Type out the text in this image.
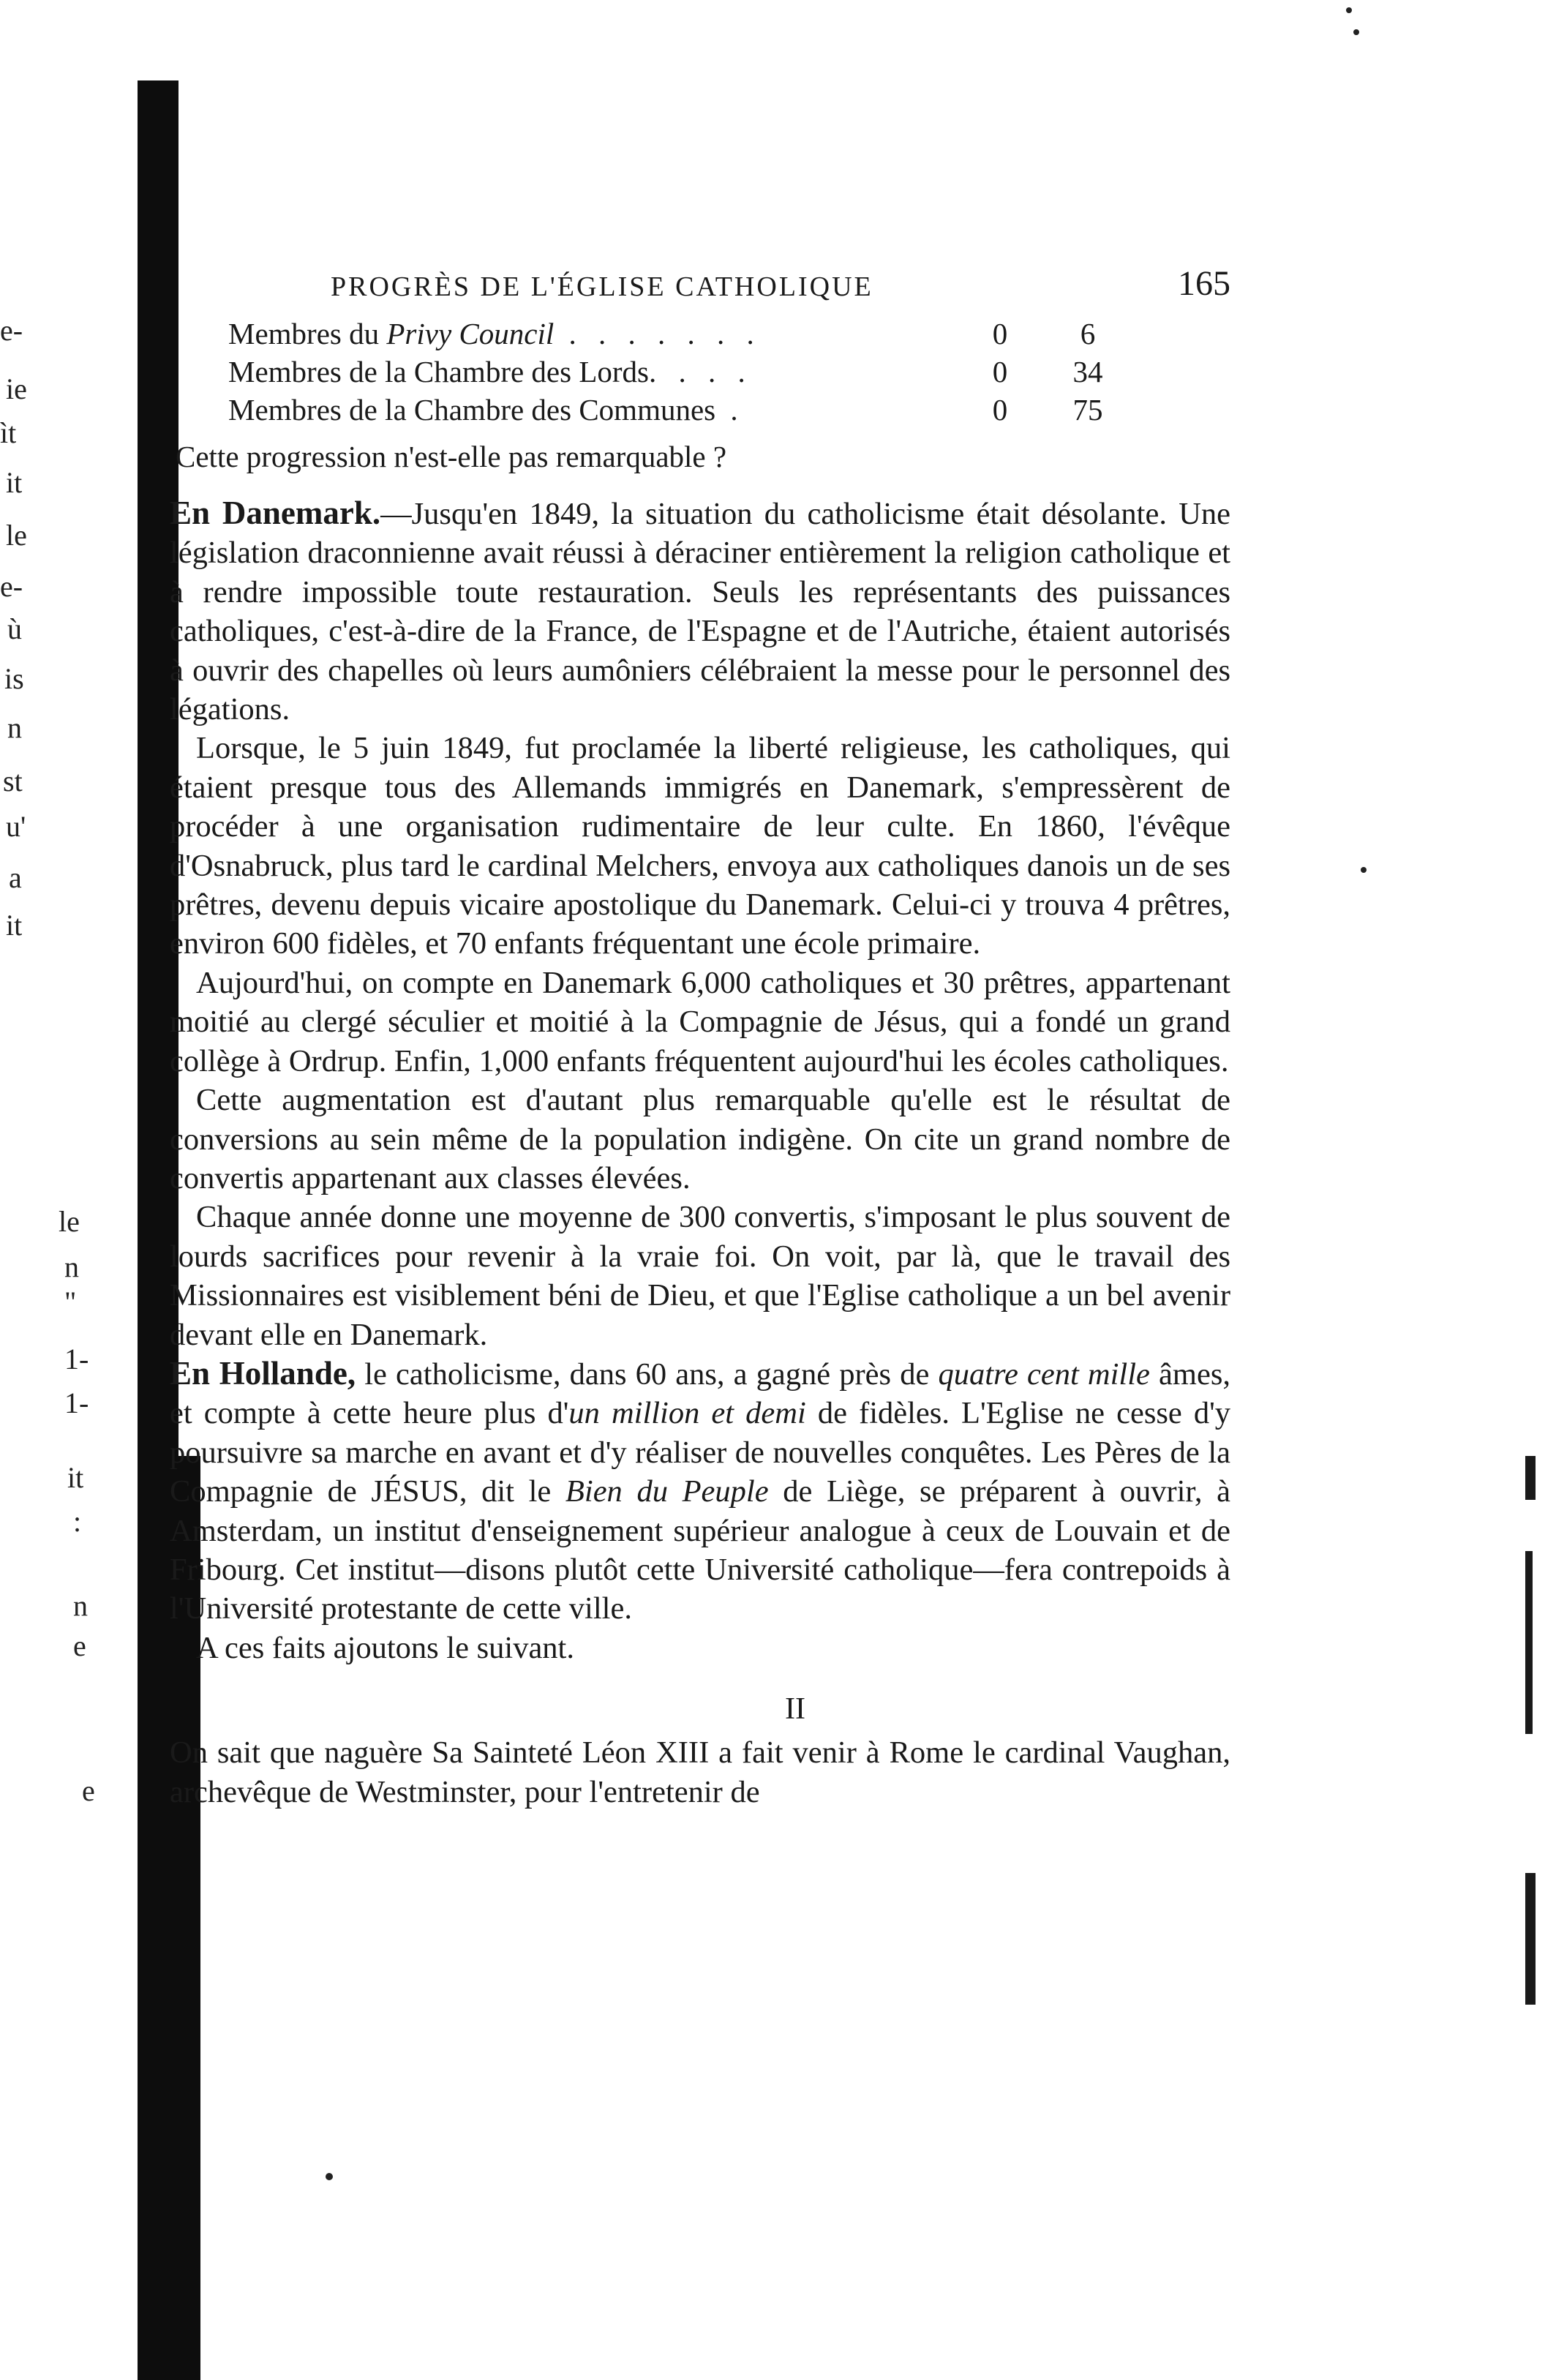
e-
ie
ìt
it
le
e-
ù
is
n
st
u'
a
it
le
n
"
1-
1-
it
:
n
e
e
PROGRÈS DE L'ÉGLISE CATHOLIQUE	165
Membres du Privy Council . . . . . . .	0	6
Membres de la Chambre des Lords. . . .	0	34
Membres de la Chambre des Communes .	0	75

Cette progression n'est-elle pas remarquable ?

En Danemark.—Jusqu'en 1849, la situation du catholicisme était désolante. Une législation draconnienne avait réussi à déraciner entièrement la religion catholique et à rendre impossible toute restauration. Seuls les représentants des puissances catholiques, c'est-à-dire de la France, de l'Espagne et de l'Autriche, étaient autorisés à ouvrir des chapelles où leurs aumôniers célébraient la messe pour le personnel des légations.

Lorsque, le 5 juin 1849, fut proclamée la liberté religieuse, les catholiques, qui étaient presque tous des Allemands immigrés en Danemark, s'empressèrent de procéder à une organisation rudimentaire de leur culte. En 1860, l'évêque d'Osnabruck, plus tard le cardinal Melchers, envoya aux catholiques danois un de ses prêtres, devenu depuis vicaire apostolique du Danemark. Celui-ci y trouva 4 prêtres, environ 600 fidèles, et 70 enfants fréquentant une école primaire.

Aujourd'hui, on compte en Danemark 6,000 catholiques et 30 prêtres, appartenant moitié au clergé séculier et moitié à la Compagnie de Jésus, qui a fondé un grand collège à Ordrup. Enfin, 1,000 enfants fréquentent aujourd'hui les écoles catholiques.

Cette augmentation est d'autant plus remarquable qu'elle est le résultat de conversions au sein même de la population indigène. On cite un grand nombre de convertis appartenant aux classes élevées.

Chaque année donne une moyenne de 300 convertis, s'imposant le plus souvent de lourds sacrifices pour revenir à la vraie foi. On voit, par là, que le travail des Missionnaires est visiblement béni de Dieu, et que l'Eglise catholique a un bel avenir devant elle en Danemark.

En Hollande, le catholicisme, dans 60 ans, a gagné près de quatre cent mille âmes, et compte à cette heure plus d'un million et demi de fidèles. L'Eglise ne cesse d'y poursuivre sa marche en avant et d'y réaliser de nouvelles conquêtes. Les Pères de la Compagnie de JÉSUS, dit le Bien du Peuple de Liège, se préparent à ouvrir, à Amsterdam, un institut d'enseignement supérieur analogue à ceux de Louvain et de Fribourg. Cet institut—disons plutôt cette Université catholique—fera contrepoids à l'Université protestante de cette ville.

A ces faits ajoutons le suivant.

II

On sait que naguère Sa Sainteté Léon XIII a fait venir à Rome le cardinal Vaughan, archevêque de Westminster, pour l'entretenir de
